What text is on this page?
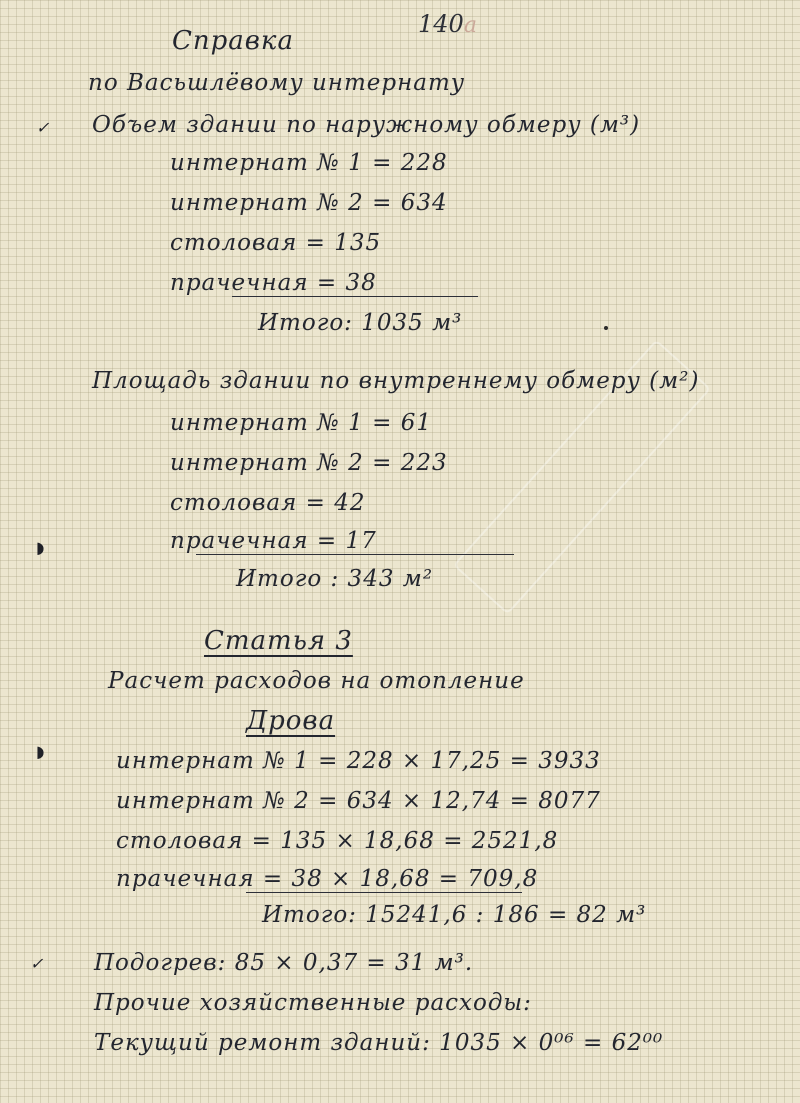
✓
◗
◗
✓
140a
Справка
по Васьшлёвому интернату
Объем здании по наружному обмеру (м³)
интернат № 1 = 228
интернат № 2 = 634
столовая = 135
прачечная = 38
Итого: 1035 м³
Площадь здании по внутреннему обмеру (м²)
интернат № 1 = 61
интернат № 2 = 223
столовая = 42
прачечная = 17
Итого : 343 м²
Статья 3
Расчет расходов на отопление
Дрова
интернат № 1 = 228 × 17,25 = 3933
интернат № 2 = 634 × 12,74 = 8077
столовая = 135 × 18,68 = 2521,8
прачечная = 38 × 18,68 = 709,8
Итого: 15241,6 : 186 = 82 м³
Подогрев: 85 × 0,37 = 31 м³.
Прочие хозяйственные расходы:
Текущий ремонт зданий: 1035 × 0⁰⁶ = 62⁰⁰
